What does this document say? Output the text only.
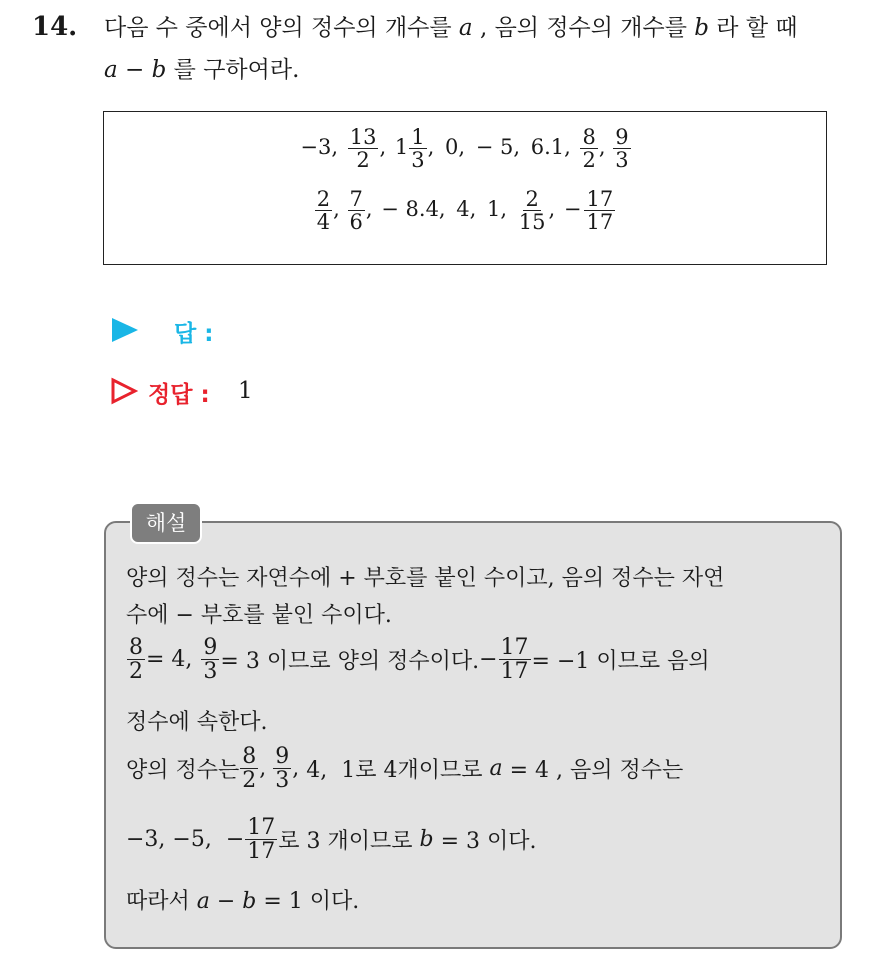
14. 다음 수 중에서 양의 정수의 개수를 a , 음의 정수의 개수를 b 라 할 때
a − b 를 구하여라.
−3, $\frac{13}{2}$ , $1 \frac{1}{3}$ , 0, − 5, 6.1, $\frac{8}{2}$ , $\frac{9}{3}$
$\frac{2}{4}$ , $\frac{7}{6}$ , − 8.4, 4, 1, $\frac{2}{15}$ , − $\frac{17}{17}$
답 :
정답 : 1
해설
양의 정수는 자연수에 + 부호를 붙인 수이고, 음의 정수는 자연
수에 − 부호를 붙인 수이다.
$\frac{8}{2} = 4$, $\frac{9}{3} = 3$ 이므로 양의 정수이다. − $\frac{17}{17} = -1$ 이므로 음의
정수에 속한다.
양의 정수는 $\frac{8}{2}$ , $\frac{9}{3}$ , 4,  1로 4개이므로 a = 4 , 음의 정수는
−3, −5,  − $\frac{17}{17}$ 로 3 개이므로 b = 3 이다.
따라서 a − b = 1 이다.
